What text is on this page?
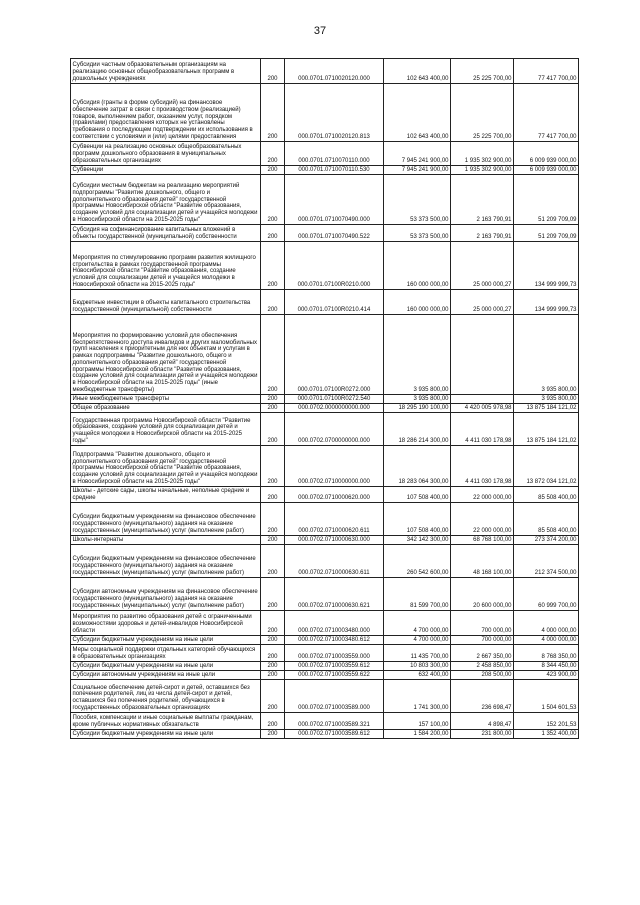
37
Субсидии частным образовательным организациям на реализацию основных общеобразовательных программ в дошкольных учреждениях	200	000.0701.0710020120.000	102 643 400,00	25 225 700,00	77 417 700,00
Субсидия (гранты в форме субсидий) на финансовое обеспечение затрат в связи с производством (реализацией) товаров, выполнением работ, оказанием услуг, порядком (правилами) предоставления которых не установлены требования о последующем подтверждении их использования в соответствии с условиями и (или) целями предоставления	200	000.0701.0710020120.813	102 643 400,00	25 225 700,00	77 417 700,00
Субвенции на реализацию основных общеобразовательных программ дошкольного образования в муниципальных образовательных организациях	200	000.0701.0710070110.000	7 945 241 900,00	1 935 302 900,00	6 009 939 000,00
Субвенции	200	000.0701.0710070110.530	7 945 241 900,00	1 935 302 900,00	6 009 939 000,00
Субсидии местным бюджетам на реализацию мероприятий подпрограммы "Развитие дошкольного, общего и дополнительного образования детей" государственной программы Новосибирской области "Развитие образования, создание условий для социализации детей и учащейся молодежи в Новосибирской области на 2015-2025 годы"	200	000.0701.0710070490.000	53 373 500,00	2 163 790,91	51 209 709,09
Субсидия на софинансирование капитальных вложений в объекты государственной (муниципальной) собственности	200	000.0701.0710070490.522	53 373 500,00	2 163 790,91	51 209 709,09
Мероприятия по стимулированию программ развития жилищного строительства в рамках государственной программы Новосибирской области "Развитие образования, создание условий для социализации детей и учащейся молодежи в Новосибирской области на 2015-2025 годы"	200	000.0701.07100R0210.000	160 000 000,00	25 000 000,27	134 999 999,73
Бюджетные инвестиции в объекты капитального строительства государственной (муниципальной) собственности	200	000.0701.07100R0210.414	160 000 000,00	25 000 000,27	134 999 999,73
Мероприятия по формированию условий для обеспечения беспрепятственного доступа инвалидов и других маломобильных групп населения к приоритетным для них объектам и услугам в рамках подпрограммы "Развитие дошкольного, общего и дополнительного образования детей" государственной программы Новосибирской области "Развитие образования, создание условий для социализации детей и учащейся молодежи в Новосибирской области на 2015-2025 годы" (иные межбюджетные трансферты)	200	000.0701.07100R0272.000	3 935 800,00		3 935 800,00
Иные межбюджетные трансферты	200	000.0701.07100R0272.540	3 935 800,00		3 935 800,00
Общее образование	200	000.0702.0000000000.000	18 295 190 100,00	4 420 005 978,98	13 875 184 121,02
Государственная программа Новосибирской области "Развитие образования, создание условий для социализации детей и учащейся молодежи в Новосибирской области на 2015-2025 годы"	200	000.0702.0700000000.000	18 286 214 300,00	4 411 030 178,98	13 875 184 121,02
Подпрограмма "Развитие дошкольного, общего и дополнительного образования детей" государственной программы Новосибирской области "Развитие образования, создание условий для социализации детей и учащейся молодежи в Новосибирской области на 2015-2025 годы"	200	000.0702.0710000000.000	18 283 064 300,00	4 411 030 178,98	13 872 034 121,02
Школы - детские сады, школы начальные, неполные средние и средние	200	000.0702.0710000620.000	107 508 400,00	22 000 000,00	85 508 400,00
Субсидии бюджетным учреждениям на финансовое обеспечение государственного (муниципального) задания на оказание государственных (муниципальных) услуг (выполнение работ)	200	000.0702.0710000620.611	107 508 400,00	22 000 000,00	85 508 400,00
Школы-интернаты	200	000.0702.0710000630.000	342 142 300,00	68 768 100,00	273 374 200,00
Субсидии бюджетным учреждениям на финансовое обеспечение государственного (муниципального) задания на оказание государственных (муниципальных) услуг (выполнение работ)	200	000.0702.0710000630.611	260 542 600,00	48 168 100,00	212 374 500,00
Субсидии автономным учреждениям на финансовое обеспечение государственного (муниципального) задания на оказание государственных (муниципальных) услуг (выполнение работ)	200	000.0702.0710000630.621	81 599 700,00	20 600 000,00	60 999 700,00
Мероприятия по развитию образования детей с ограниченными возможностями здоровья и детей-инвалидов Новосибирской области	200	000.0702.0710003480.000	4 700 000,00	700 000,00	4 000 000,00
Субсидии бюджетным учреждениям на иные цели	200	000.0702.0710003480.612	4 700 000,00	700 000,00	4 000 000,00
Меры социальной поддержки отдельных категорий обучающихся в образовательных организациях	200	000.0702.0710003559.000	11 435 700,00	2 667 350,00	8 768 350,00
Субсидии бюджетным учреждениям на иные цели	200	000.0702.0710003559.612	10 803 300,00	2 458 850,00	8 344 450,00
Субсидии автономным учреждениям на иные цели	200	000.0702.0710003559.622	632 400,00	208 500,00	423 900,00
Социальное обеспечение детей-сирот и детей, оставшихся без попечения родителей, лиц из числа детей-сирот и детей, оставшихся без попечения родителей, обучающихся в государственных образовательных организациях	200	000.0702.0710003589.000	1 741 300,00	236 698,47	1 504 601,53
Пособия, компенсации и иные социальные выплаты гражданам, кроме публичных нормативных обязательств	200	000.0702.0710003589.321	157 100,00	4 898,47	152 201,53
Субсидии бюджетным учреждениям на иные цели	200	000.0702.0710003589.612	1 584 200,00	231 800,00	1 352 400,00
